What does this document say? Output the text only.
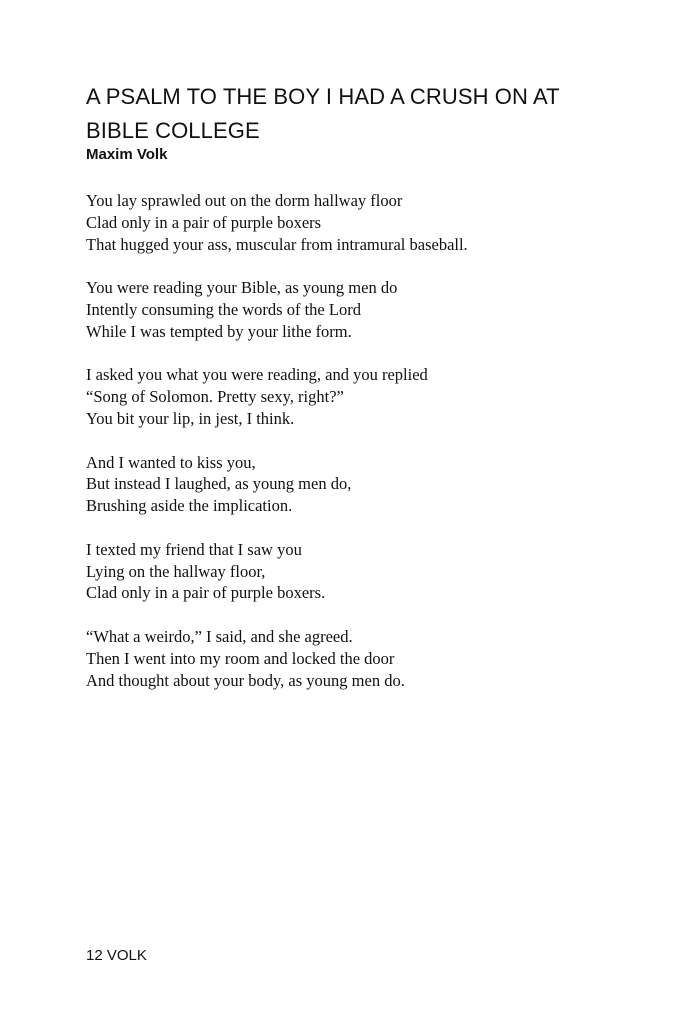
A PSALM TO THE BOY I HAD A CRUSH ON AT BIBLE COLLEGE

Maxim Volk

You lay sprawled out on the dorm hallway floor
Clad only in a pair of purple boxers
That hugged your ass, muscular from intramural baseball.
You were reading your Bible, as young men do
Intently consuming the words of the Lord
While I was tempted by your lithe form.
I asked you what you were reading, and you replied
“Song of Solomon. Pretty sexy, right?”
You bit your lip, in jest, I think.
And I wanted to kiss you,
But instead I laughed, as young men do,
Brushing aside the implication.
I texted my friend that I saw you
Lying on the hallway floor,
Clad only in a pair of purple boxers.
“What a weirdo,” I said, and she agreed.
Then I went into my room and locked the door
And thought about your body, as young men do.

12 VOLK
